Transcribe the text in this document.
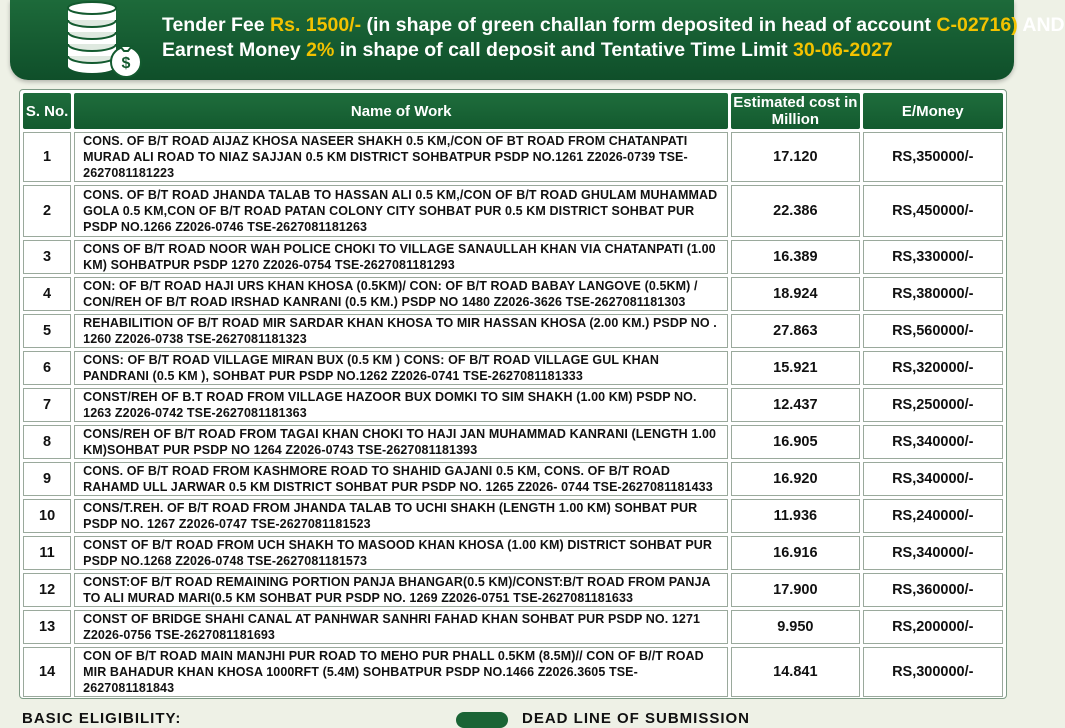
$
Tender Fee Rs. 1500/- (in shape of green challan form deposited in head of account C-02716) AND
Earnest Money 2% in shape of call deposit and Tentative Time Limit 30-06-2027
S. No.	Name of Work	Estimated cost in Million	E/Money
1	CONS. OF B/T ROAD AIJAZ KHOSA NASEER SHAKH 0.5 KM,/CON OF BT ROAD FROM CHATANPATI MURAD ALI ROAD TO NIAZ SAJJAN 0.5 KM DISTRICT SOHBATPUR PSDP NO.1261 Z2026-0739 TSE-2627081181223	17.120	RS,350000/-
2	CONS. OF B/T ROAD JHANDA TALAB TO HASSAN ALI 0.5 KM,/CON OF B/T ROAD GHULAM MUHAMMAD GOLA 0.5 KM,CON OF B/T ROAD PATAN COLONY CITY SOHBAT PUR 0.5 KM DISTRICT SOHBAT PUR PSDP NO.1266 Z2026-0746 TSE-2627081181263	22.386	RS,450000/-
3	CONS OF B/T ROAD NOOR WAH POLICE CHOKI TO VILLAGE SANAULLAH KHAN VIA CHATANPATI (1.00 KM) SOHBATPUR PSDP 1270 Z2026-0754 TSE-2627081181293	16.389	RS,330000/-
4	CON: OF B/T ROAD HAJI URS KHAN KHOSA (0.5KM)/ CON: OF B/T ROAD BABAY LANGOVE (0.5KM) / CON/REH OF B/T ROAD IRSHAD KANRANI (0.5 KM.) PSDP NO 1480 Z2026-3626 TSE-2627081181303	18.924	RS,380000/-
5	REHABILITION OF B/T ROAD MIR SARDAR KHAN KHOSA TO MIR HASSAN KHOSA (2.00 KM.) PSDP NO . 1260 Z2026-0738 TSE-2627081181323	27.863	RS,560000/-
6	CONS: OF B/T ROAD VILLAGE MIRAN BUX (0.5 KM ) CONS: OF B/T ROAD VILLAGE GUL KHAN PANDRANI (0.5 KM ), SOHBAT PUR PSDP NO.1262 Z2026-0741 TSE-2627081181333	15.921	RS,320000/-
7	CONST/REH OF B.T ROAD FROM VILLAGE HAZOOR BUX DOMKI TO SIM SHAKH (1.00 KM) PSDP NO. 1263 Z2026-0742 TSE-2627081181363	12.437	RS,250000/-
8	CONS/REH OF B/T ROAD FROM TAGAI KHAN CHOKI TO HAJI JAN MUHAMMAD KANRANI (LENGTH 1.00 KM)SOHBAT PUR PSDP NO 1264 Z2026-0743 TSE-2627081181393	16.905	RS,340000/-
9	CONS. OF B/T ROAD FROM KASHMORE ROAD TO SHAHID GAJANI 0.5 KM, CONS. OF B/T ROAD RAHAMD ULL JARWAR 0.5 KM DISTRICT SOHBAT PUR PSDP NO. 1265 Z2026- 0744 TSE-2627081181433	16.920	RS,340000/-
10	CONS/T.REH. OF B/T ROAD FROM JHANDA TALAB TO UCHI SHAKH (LENGTH 1.00 KM) SOHBAT PUR PSDP NO. 1267 Z2026-0747 TSE-2627081181523	11.936	RS,240000/-
11	CONST OF B/T ROAD FROM UCH SHAKH TO MASOOD KHAN KHOSA (1.00 KM) DISTRICT SOHBAT PUR PSDP NO.1268 Z2026-0748 TSE-2627081181573	16.916	RS,340000/-
12	CONST:OF B/T ROAD REMAINING PORTION PANJA BHANGAR(0.5 KM)/CONST:B/T ROAD FROM PANJA TO ALI MURAD MARI(0.5 KM SOHBAT PUR PSDP NO. 1269 Z2026-0751 TSE-2627081181633	17.900	RS,360000/-
13	CONST OF BRIDGE SHAHI CANAL AT PANHWAR SANHRI FAHAD KHAN SOHBAT PUR PSDP NO. 1271 Z2026-0756 TSE-2627081181693	9.950	RS,200000/-
14	CON OF B/T ROAD MAIN MANJHI PUR ROAD TO MEHO PUR PHALL 0.5KM (8.5M)// CON OF B//T ROAD MIR BAHADUR KHAN KHOSA 1000RFT (5.4M) SOHBATPUR PSDP NO.1466 Z2026.3605 TSE-2627081181843	14.841	RS,300000/-
BASIC ELIGIBILITY:	DEAD LINE OF SUBMISSION
